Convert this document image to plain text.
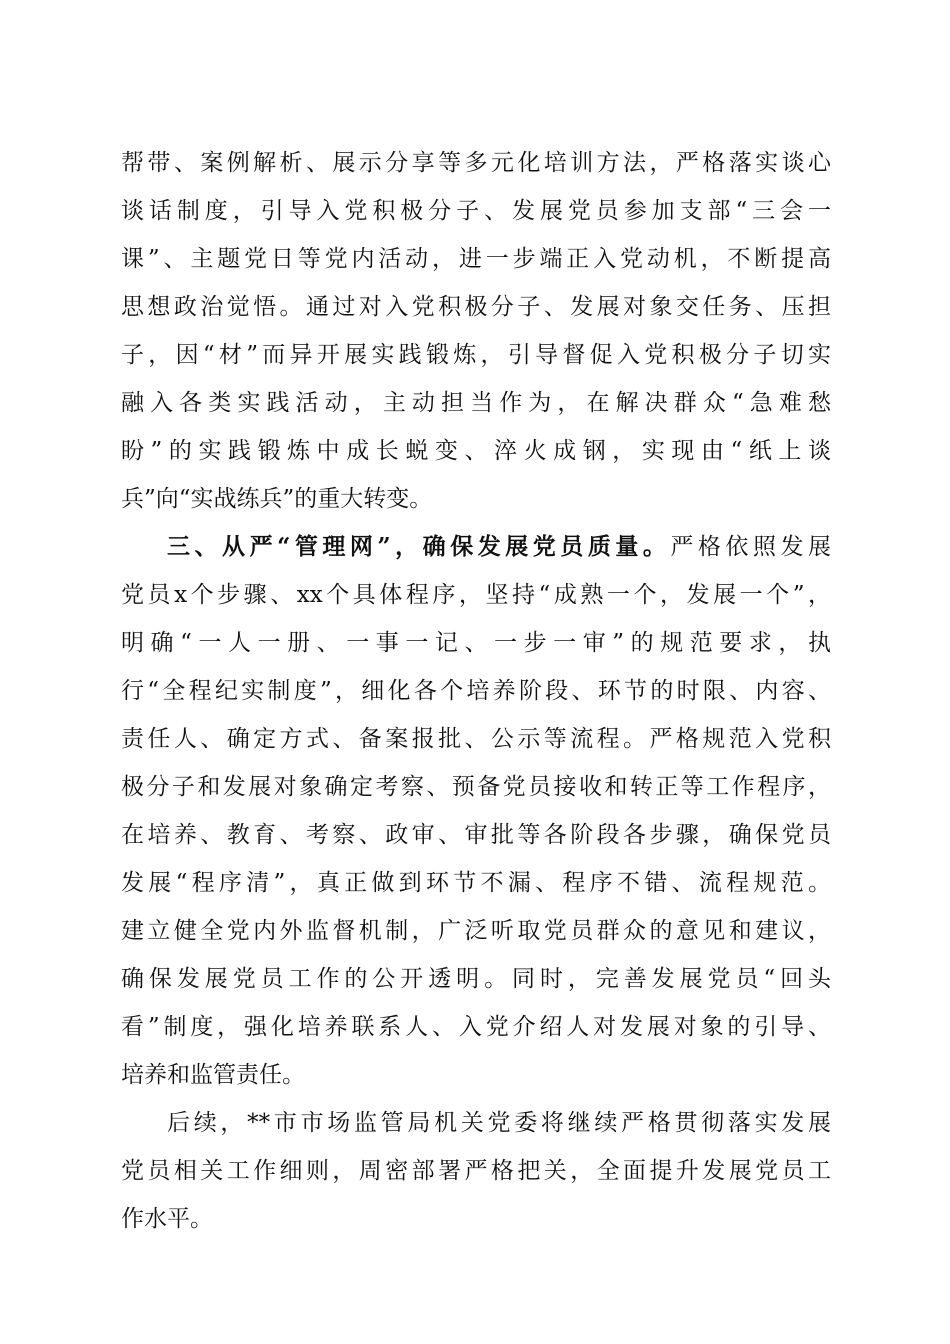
帮带、案例解析、展示分享等多元化培训方法，严格落实谈心
谈话制度，引导入党积极分子、发展党员参加支部“三会一
课”、主题党日等党内活动，进一步端正入党动机，不断提高
思想政治觉悟。通过对入党积极分子、发展对象交任务、压担
子，因“材”而异开展实践锻炼，引导督促入党积极分子切实
融入各类实践活动，主动担当作为，在解决群众“急难愁
盼”的实践锻炼中成长蜕变、淬火成钢，实现由“纸上谈
兵”向“实战练兵”的重大转变。
三、从严“管理网”，确保发展党员质量。严格依照发展
党员x个步骤、xx个具体程序，坚持“成熟一个，发展一个”，
明确“一人一册、一事一记、一步一审”的规范要求，执
行“全程纪实制度”，细化各个培养阶段、环节的时限、内容、
责任人、确定方式、备案报批、公示等流程。严格规范入党积
极分子和发展对象确定考察、预备党员接收和转正等工作程序，
在培养、教育、考察、政审、审批等各阶段各步骤，确保党员
发展“程序清”，真正做到环节不漏、程序不错、流程规范。
建立健全党内外监督机制，广泛听取党员群众的意见和建议，
确保发展党员工作的公开透明。同时，完善发展党员“回头
看”制度，强化培养联系人、入党介绍人对发展对象的引导、
培养和监管责任。
后续，**市市场监管局机关党委将继续严格贯彻落实发展
党员相关工作细则，周密部署严格把关，全面提升发展党员工
作水平。
